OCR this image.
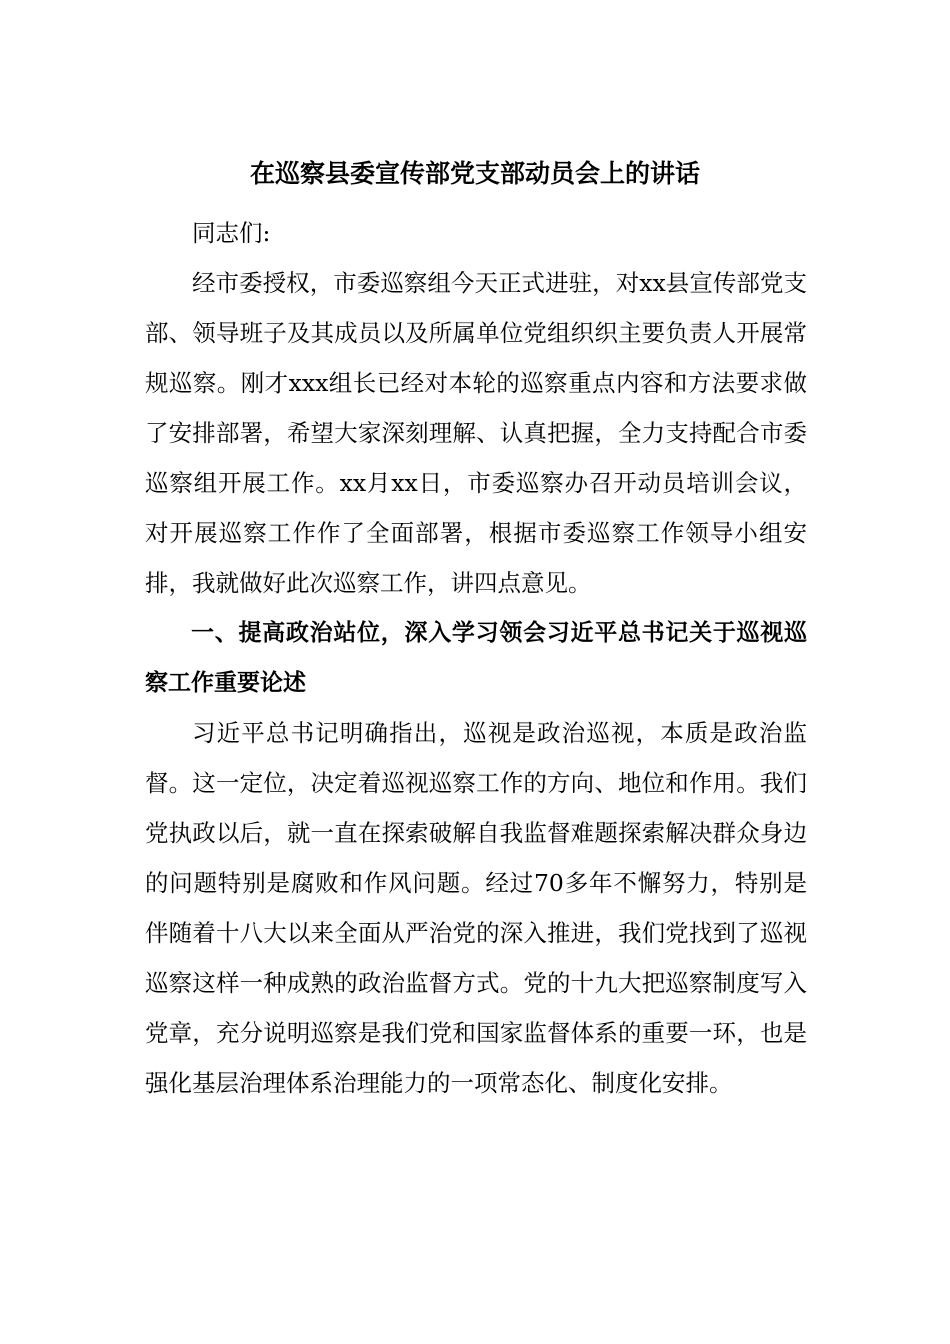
在巡察县委宣传部党支部动员会上的讲话

同志们:

经市委授权，市委巡察组今天正式进驻，对xx县宣传部党支部、领导班子及其成员以及所属单位党组织织主要负责人开展常规巡察。刚才xxx组长已经对本轮的巡察重点内容和方法要求做了安排部署，希望大家深刻理解、认真把握，全力支持配合市委巡察组开展工作。xx月xx日，市委巡察办召开动员培训会议，对开展巡察工作作了全面部署，根据市委巡察工作领导小组安排，我就做好此次巡察工作，讲四点意见。

一、提高政治站位，深入学习领会习近平总书记关于巡视巡察工作重要论述

习近平总书记明确指出，巡视是政治巡视，本质是政治监督。这一定位，决定着巡视巡察工作的方向、地位和作用。我们党执政以后，就一直在探索破解自我监督难题探索解决群众身边的问题特别是腐败和作风问题。经过70多年不懈努力，特别是伴随着十八大以来全面从严治党的深入推进，我们党找到了巡视巡察这样一种成熟的政治监督方式。党的十九大把巡察制度写入党章，充分说明巡察是我们党和国家监督体系的重要一环，也是强化基层治理体系治理能力的一项常态化、制度化安排。
